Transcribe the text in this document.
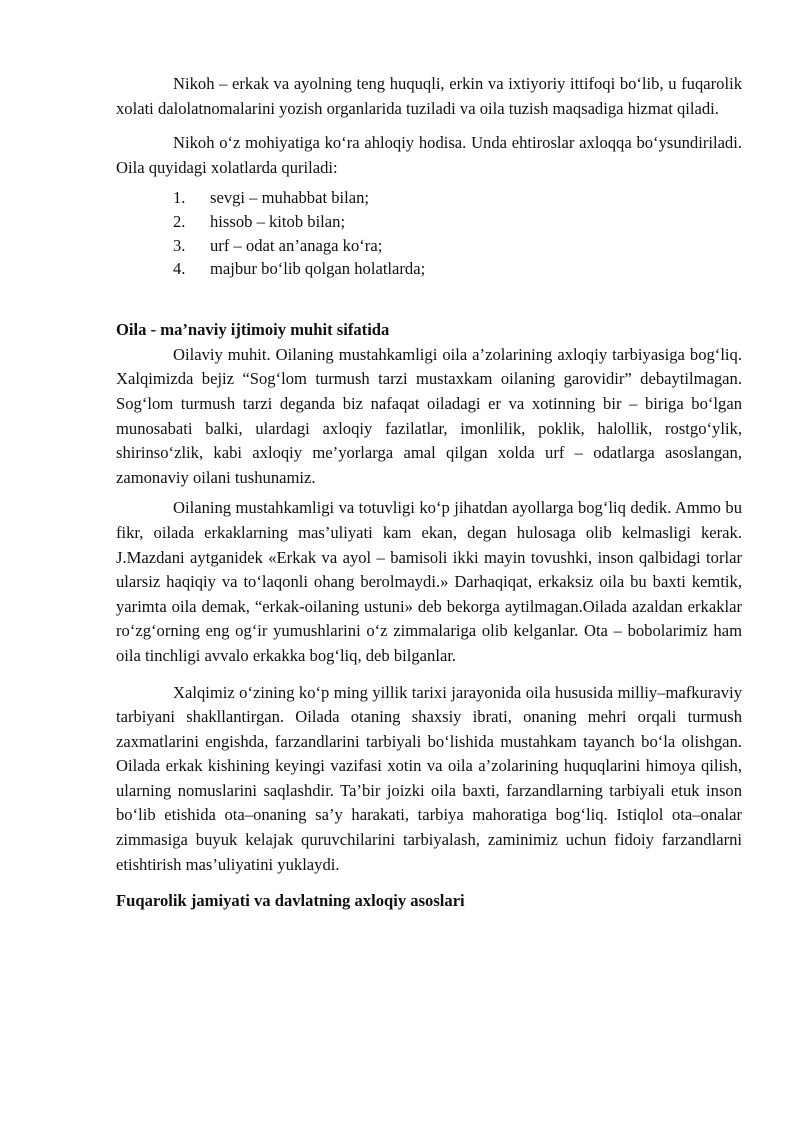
Nikoh – erkak va ayolning teng huquqli, erkin va ixtiyoriy ittifoqi bo‘lib, u fuqarolik xolati dalolatnomalarini yozish organlarida tuziladi va oila tuzish maqsadiga hizmat qiladi.

Nikoh o‘z mohiyatiga ko‘ra ahloqiy hodisa. Unda ehtiroslar axloqqa bo‘ysundiriladi. Oila quyidagi xolatlarda quriladi:

1. sevgi – muhabbat bilan;
2. hissob – kitob bilan;
3. urf – odat an’anaga ko‘ra;
4. majbur bo‘lib qolgan holatlarda;
Oila - ma’naviy ijtimoiy muhit sifatida

Oilaviy muhit. Oilaning mustahkamligi oila a’zolarining axloqiy tarbiyasiga bog‘liq. Xalqimizda bejiz “Sog‘lom turmush tarzi mustaxkam oilaning garovidir” debaytilmagan. Sog‘lom turmush tarzi deganda biz nafaqat oiladagi er va xotinning bir – biriga bo‘lgan munosabati balki, ulardagi axloqiy fazilatlar, imonlilik, poklik, halollik, rostgo‘ylik, shirinso‘zlik, kabi axloqiy me’yorlarga amal qilgan xolda urf – odatlarga asoslangan, zamonaviy oilani tushunamiz.

Oilaning mustahkamligi va totuvligi ko‘p jihatdan ayollarga bog‘liq dedik. Ammo bu fikr, oilada erkaklarning mas’uliyati kam ekan, degan hulosaga olib kelmasligi kerak. J.Mazdani aytganidek «Erkak va ayol – bamisoli ikki mayin tovushki, inson qalbidagi torlar ularsiz haqiqiy va to‘laqonli ohang berolmaydi.» Darhaqiqat, erkaksiz oila bu baxti kemtik, yarimta oila demak, “erkak-oilaning ustuni» deb bekorga aytilmagan.Oilada azaldan erkaklar ro‘zg‘orning eng og‘ir yumushlarini o‘z zimmalariga olib kelganlar. Ota – bobolarimiz ham oila tinchligi avvalo erkakka bog‘liq, deb bilganlar.

Xalqimiz o‘zining ko‘p ming yillik tarixi jarayonida oila hususida milliy–mafkuraviy tarbiyani shakllantirgan. Oilada otaning shaxsiy ibrati, onaning mehri orqali turmush zaxmatlarini engishda, farzandlarini tarbiyali bo‘lishida mustahkam tayanch bo‘la olishgan. Oilada erkak kishining keyingi vazifasi xotin va oila a’zolarining huquqlarini himoya qilish, ularning nomuslarini saqlashdir. Ta’bir joizki oila baxti, farzandlarning tarbiyali etuk inson bo‘lib etishida ota–onaning sa’y harakati, tarbiya mahoratiga bog‘liq. Istiqlol ota–onalar zimmasiga buyuk kelajak quruvchilarini tarbiyalash, zaminimiz uchun fidoiy farzandlarni etishtirish mas’uliyatini yuklaydi.

Fuqarolik jamiyati va davlatning axloqiy asoslari
